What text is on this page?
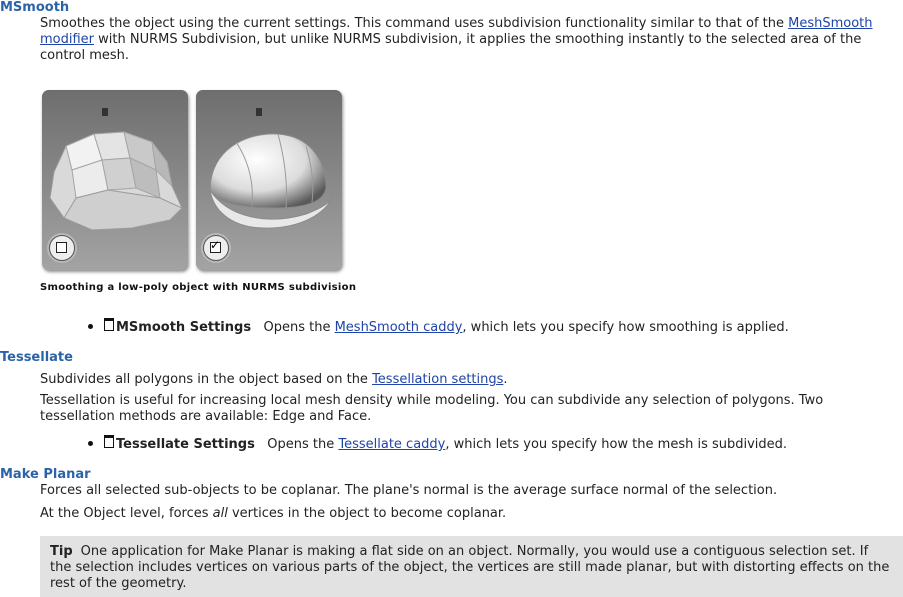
MSmooth

Smoothes the object using the current settings. This command uses subdivision functionality similar to that of the MeshSmooth modifier with NURMS Subdivision, but unlike NURMS subdivision, it applies the smoothing instantly to the selected area of the control mesh.

✓

Smoothing a low-poly object with NURMS subdivision

MSmooth Settings Opens the MeshSmooth caddy, which lets you specify how smoothing is applied.
Tessellate

Subdivides all polygons in the object based on the Tessellation settings.

Tessellation is useful for increasing local mesh density while modeling. You can subdivide any selection of polygons. Two tessellation methods are available: Edge and Face.

Tessellate Settings Opens the Tessellate caddy, which lets you specify how the mesh is subdivided.
Make Planar

Forces all selected sub-objects to be coplanar. The plane's normal is the average surface normal of the selection.

At the Object level, forces all vertices in the object to become coplanar.

Tip One application for Make Planar is making a flat side on an object. Normally, you would use a contiguous selection set. If the selection includes vertices on various parts of the object, the vertices are still made planar, but with distorting effects on the rest of the geometry.
